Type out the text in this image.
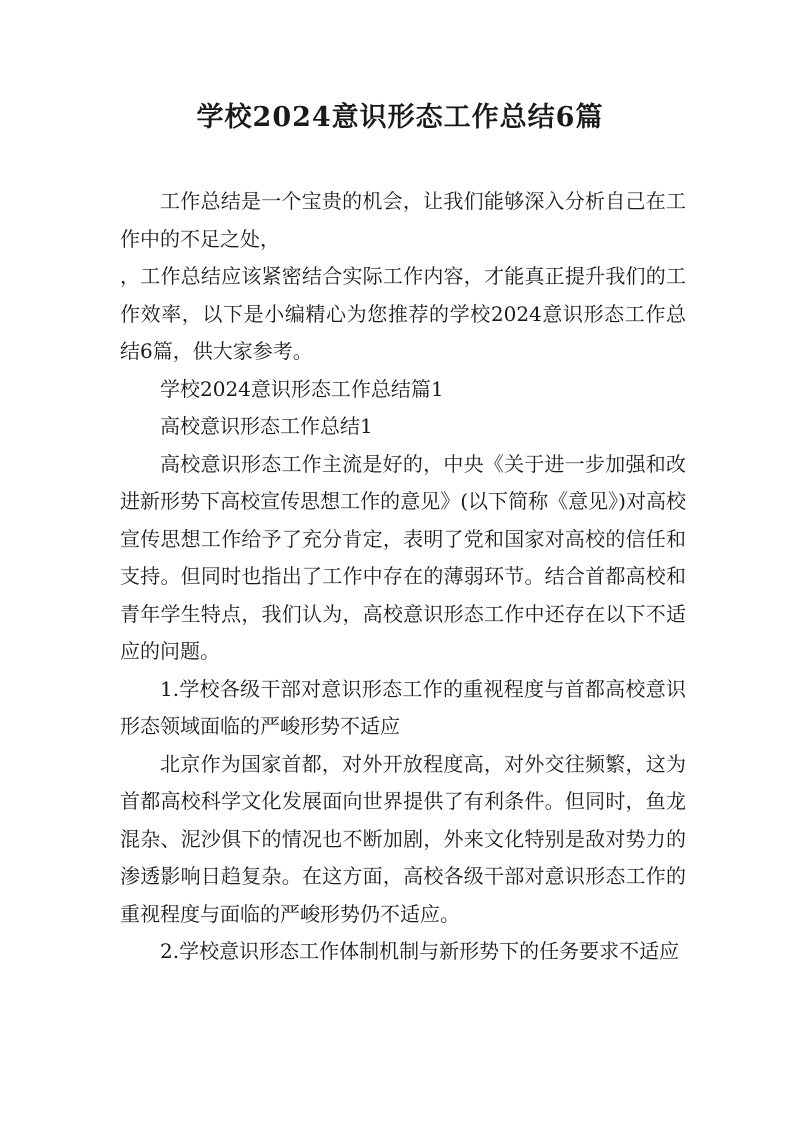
学校2024意识形态工作总结6篇

工作总结是一个宝贵的机会，让我们能够深入分析自己在工作中的不足之处，

，工作总结应该紧密结合实际工作内容，才能真正提升我们的工作效率，以下是小编精心为您推荐的学校2024意识形态工作总结6篇，供大家参考。

学校2024意识形态工作总结篇1

高校意识形态工作总结1

高校意识形态工作主流是好的，中央《关于进一步加强和改进新形势下高校宣传思想工作的意见》(以下简称《意见》)对高校宣传思想工作给予了充分肯定，表明了党和国家对高校的信任和支持。但同时也指出了工作中存在的薄弱环节。结合首都高校和青年学生特点，我们认为，高校意识形态工作中还存在以下不适应的问题。

1.学校各级干部对意识形态工作的重视程度与首都高校意识形态领域面临的严峻形势不适应

北京作为国家首都，对外开放程度高，对外交往频繁，这为首都高校科学文化发展面向世界提供了有利条件。但同时，鱼龙混杂、泥沙俱下的情况也不断加剧，外来文化特别是敌对势力的渗透影响日趋复杂。在这方面，高校各级干部对意识形态工作的重视程度与面临的严峻形势仍不适应。

2.学校意识形态工作体制机制与新形势下的任务要求不适应
